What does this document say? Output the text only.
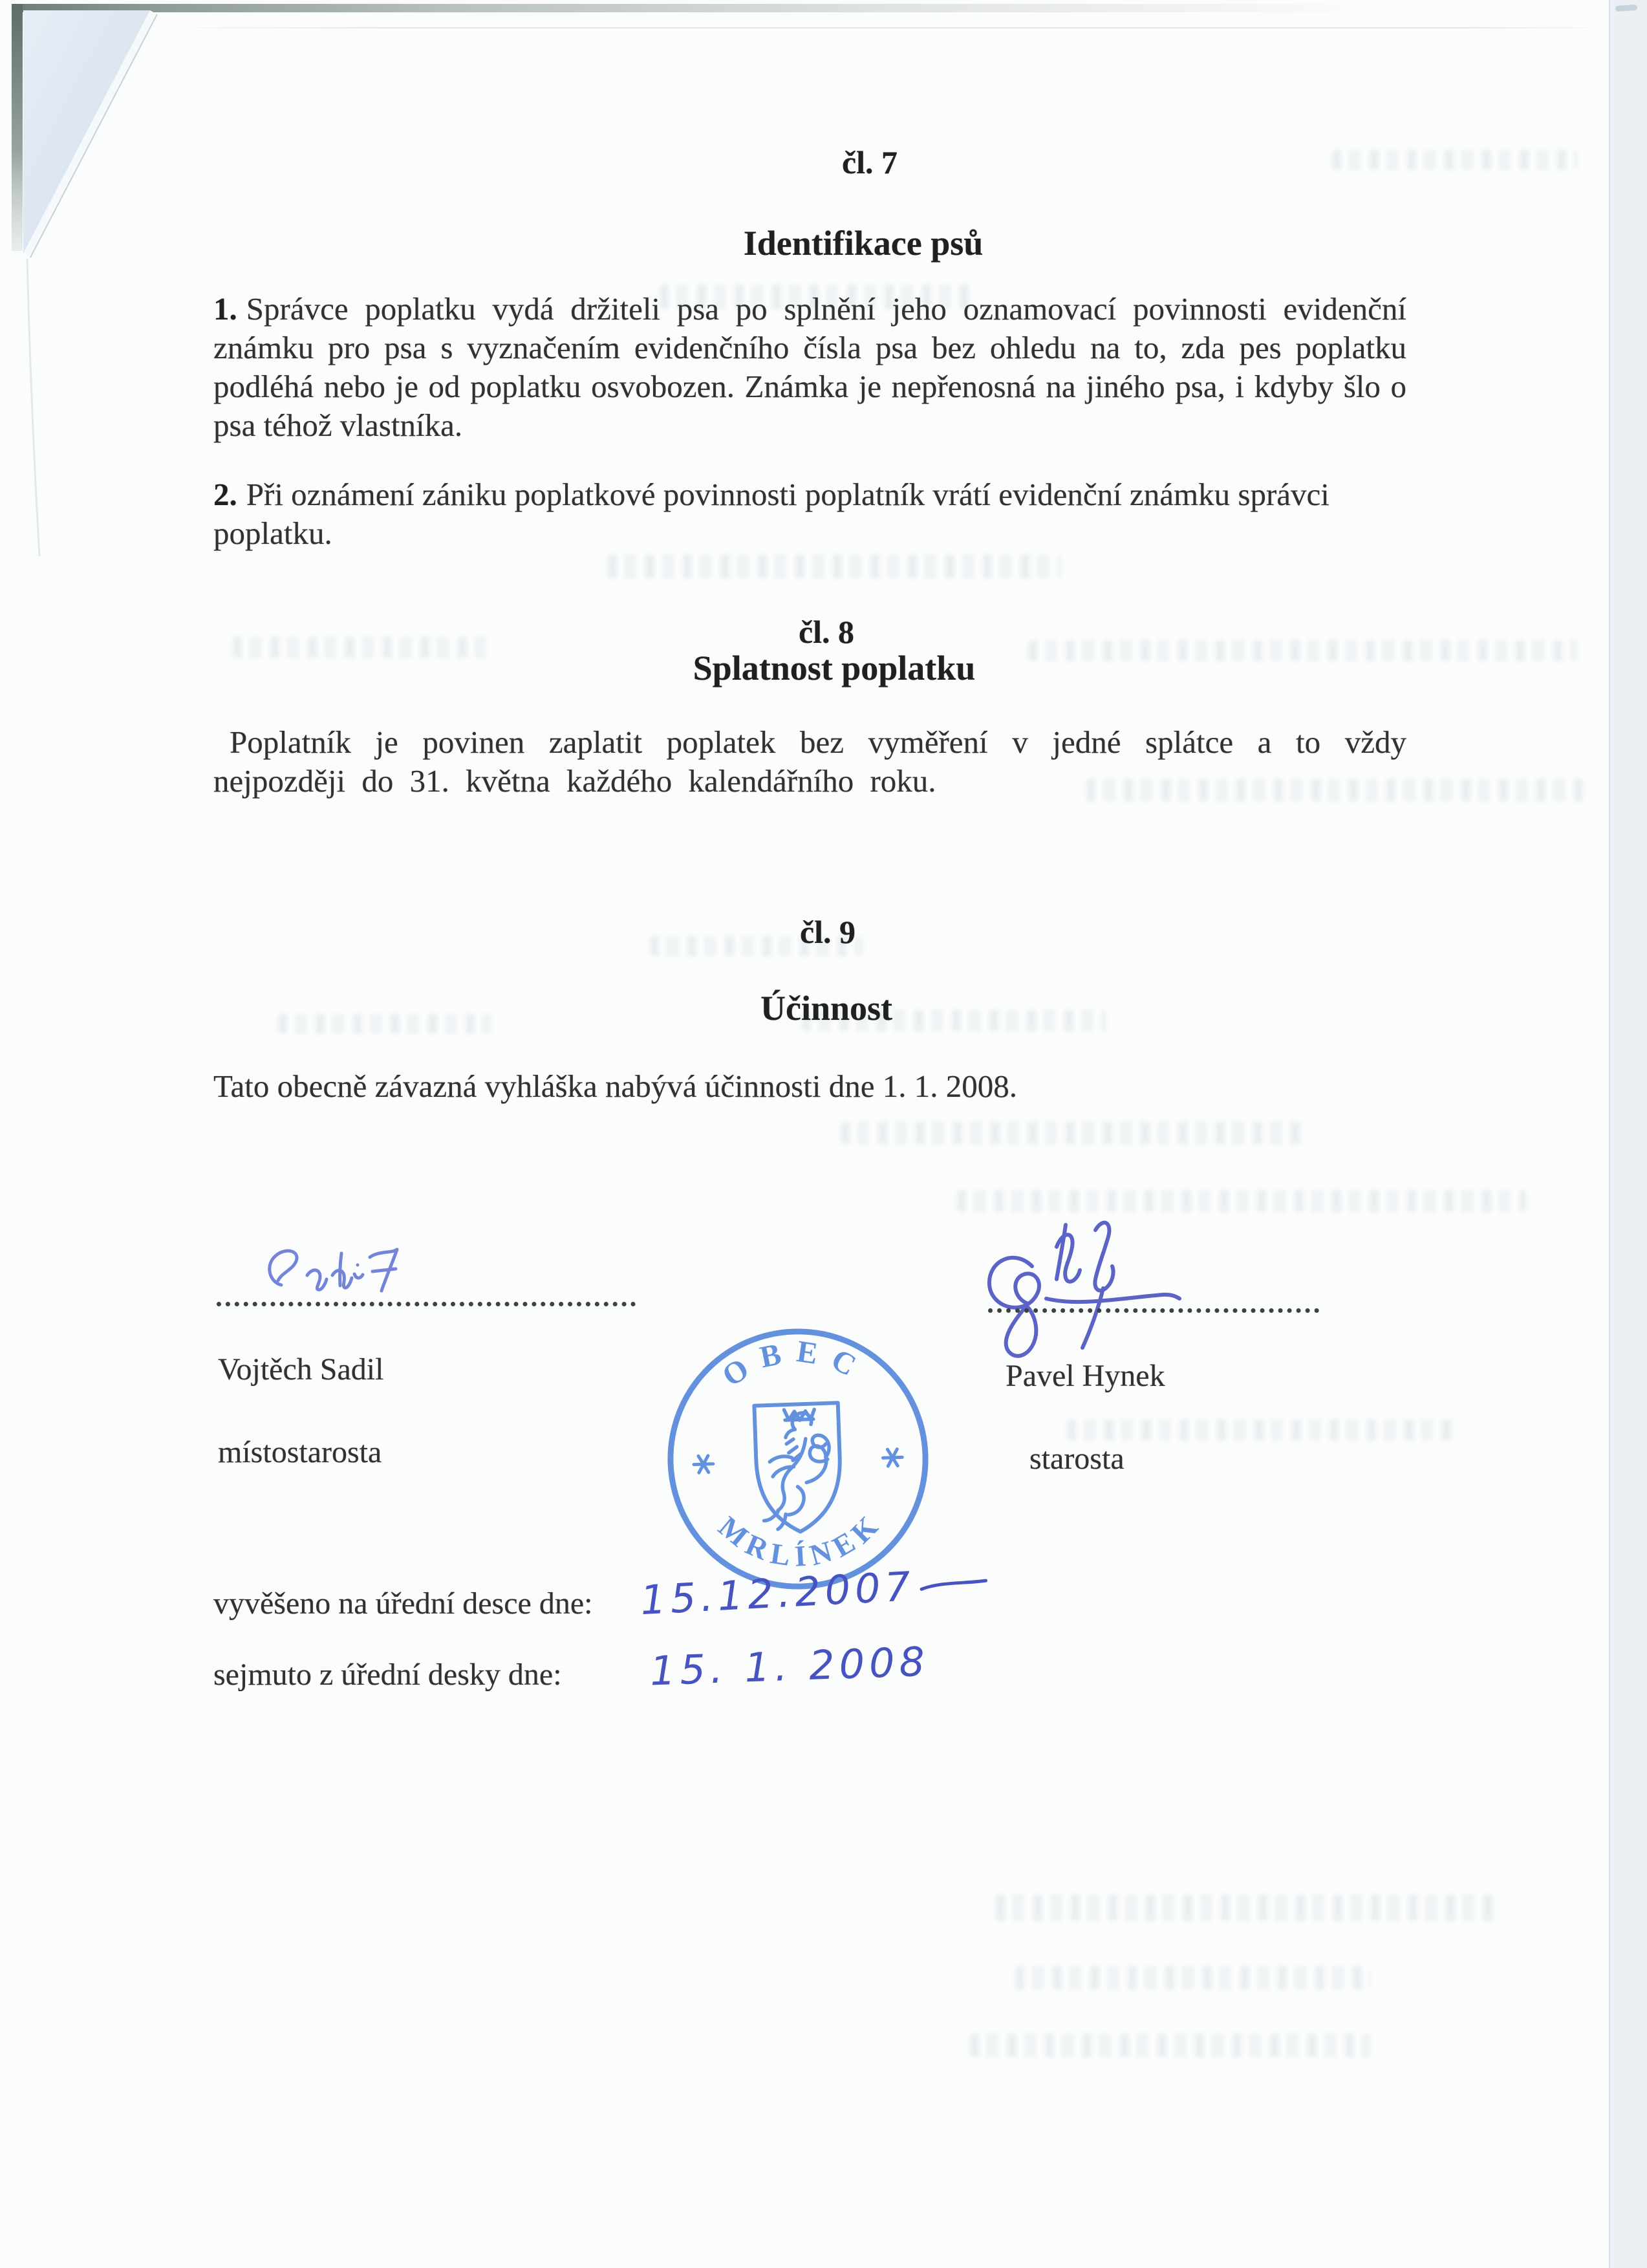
čl. 7
Identifikace psů

1. Správce poplatku vydá držiteli psa po splnění jeho oznamovací povinnosti evidenční známku pro psa s vyznačením evidenčního čísla psa bez ohledu na to, zda pes poplatku podléhá nebo je od poplatku osvobozen. Známka je nepřenosná na jiného psa, i kdyby šlo o psa téhož vlastníka.

2. Při oznámení zániku poplatkové povinnosti poplatník vrátí evidenční známku správci poplatku.

čl. 8
Splatnost poplatku

Poplatník je povinen zaplatit poplatek bez vyměření v jedné splátce a to vždy nejpozději do 31. května každého kalendářního roku.

čl. 9
Účinnost

Tato obecně závazná vyhláška nabývá účinnosti dne 1. 1. 2008.

Vojtěch Sadil
místostarosta
Pavel Hynek
starosta
OBEC
MRLÍNEK
vyvěšeno na úřední desce dne: 15.12.2007
sejmuto z úřední desky dne: 15. 1. 2008
